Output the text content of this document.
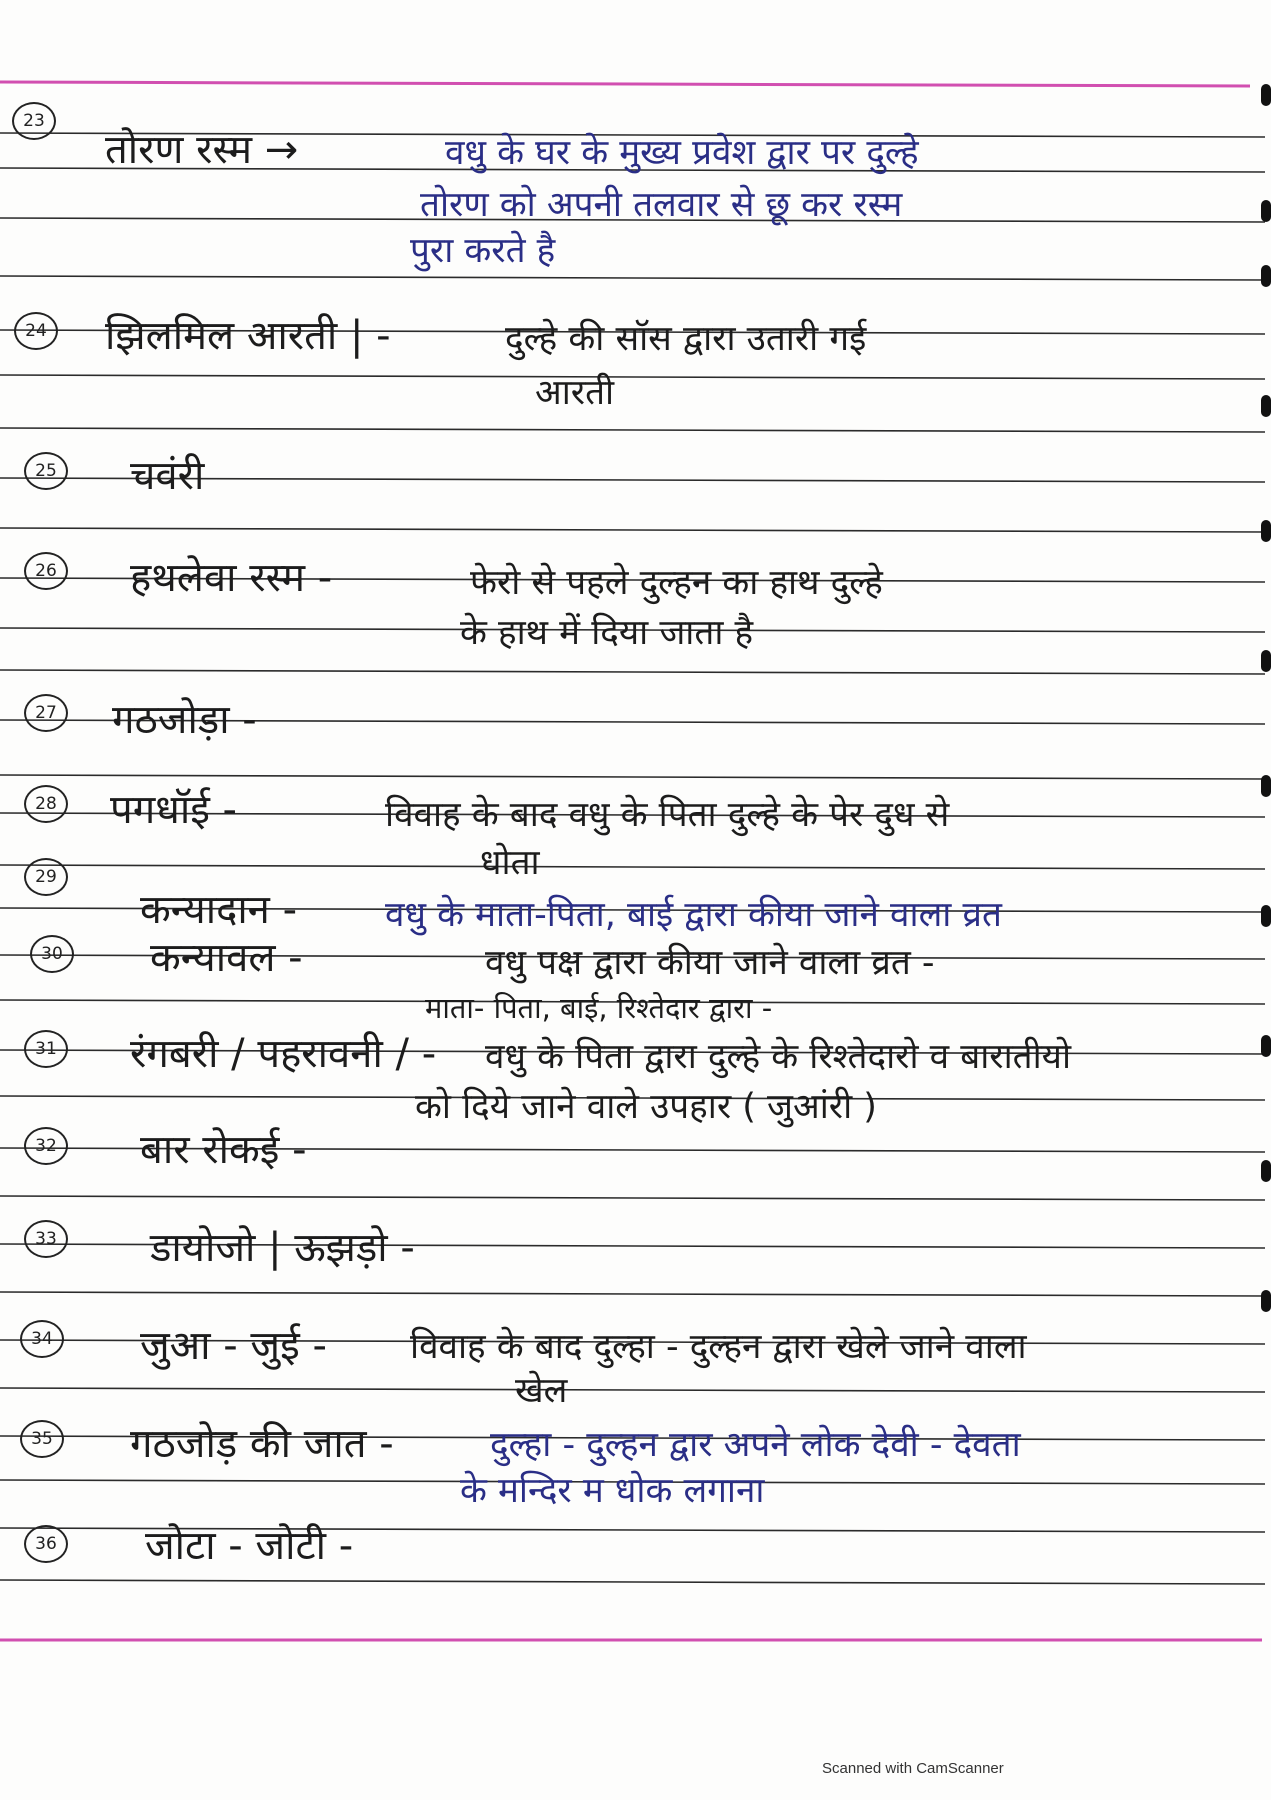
23
तोरण रस्म →	वधु के घर के मुख्य प्रवेश द्वार पर दुल्हे
तोरण को अपनी तलवार से छू कर रस्म
पुरा करते है
24 झिलमिल आरती | -	दुल्हे की सॉस द्वारा उतारी गई
आरती
25 चवंरी
26 हथलेवा रस्म -	फेरो से पहले दुल्हन का हाथ दुल्हे
के हाथ में दिया जाता है
27 गठजोड़ा -
28 पगधॉई -	विवाह के बाद वधु के पिता दुल्हे के पेर दुध से
धोता
29
कन्यादान -	वधु के माता-पिता, बाई द्वारा कीया जाने वाला व्रत
30 कन्यावल -	वधु पक्ष द्वारा कीया जाने वाला व्रत -
माता- पिता, बाई, रिश्तेदार द्वारा -
31 रंगबरी / पहरावनी / - वधु के पिता द्वारा दुल्हे के रिश्तेदारो व बारातीयो
को दिये जाने वाले उपहार ( जुआंरी )
32 बार रोकई -
33 डायोजो | ऊझड़ो -
34 जुआ - जुई - विवाह के बाद दुल्हा - दुल्हन द्वारा खेले जाने वाला
खेल
35 गठजोड़ की जात -	दुल्हा - दुल्हन द्वार अपने लोक देवी - देवता
के मन्दिर म धोक लगाना
36 जोटा - जोटी -
Scanned with CamScanner
